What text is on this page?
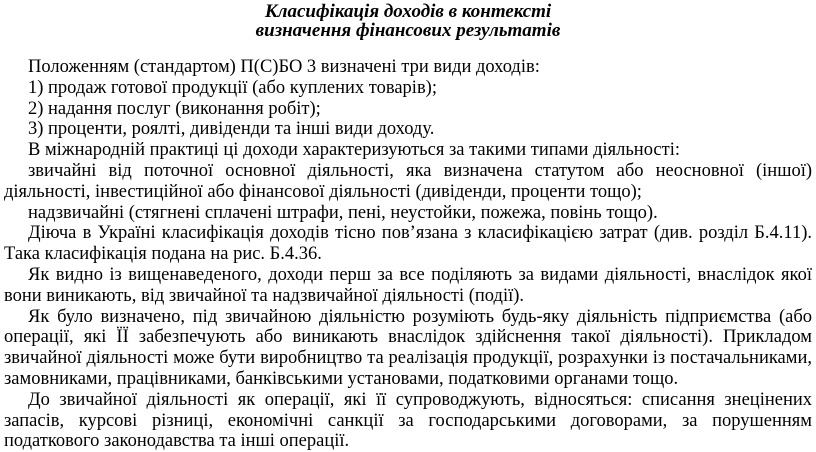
Класифікація доходів в контексті
визначення фінансових результатів

Положенням (стандартом) П(С)БО 3 визначені три види доходів:

1) продаж готової продукції (або куплених товарів);

2) надання послуг (виконання робіт);

3) проценти, роялті, дивіденди та інші види доходу.

В міжнародній практиці ці доходи характеризуються за такими типами діяльності:

звичайні від поточної основної діяльності, яка визначена статутом або неосновної (іншої) діяльності, інвестиційної або фінансової діяльності (дивіденди, проценти тощо);

надзвичайні (стягнені сплачені штрафи, пені, неустойки, пожежа, повінь тощо).

Діюча в Україні класифікація доходів тісно пов’язана з класифікацією затрат (див. розділ Б.4.11). Така класифікація подана на рис. Б.4.36.

Як видно із вищенаведеного, доходи перш за все поділяють за видами діяльності, внаслідок якої вони виникають, від звичайної та надзвичайної діяльності (події).

Як було визначено, під звичайною діяльністю розуміють будь-яку діяльність підприємства (або операції, які ЇЇ забезпечують або виникають внаслідок здійснення такої діяльності). Прикладом звичайної діяльності може бути виробництво та реалізація продукції, розрахунки із постачальниками, замовниками, працівниками, банківськими установами, податковими органами тощо.

До звичайної діяльності як операції, які її супроводжують, відносяться: списання знецінених запасів, курсові різниці, економічні санкції за господарськими договорами, за порушенням податкового законодавства та інші операції.
